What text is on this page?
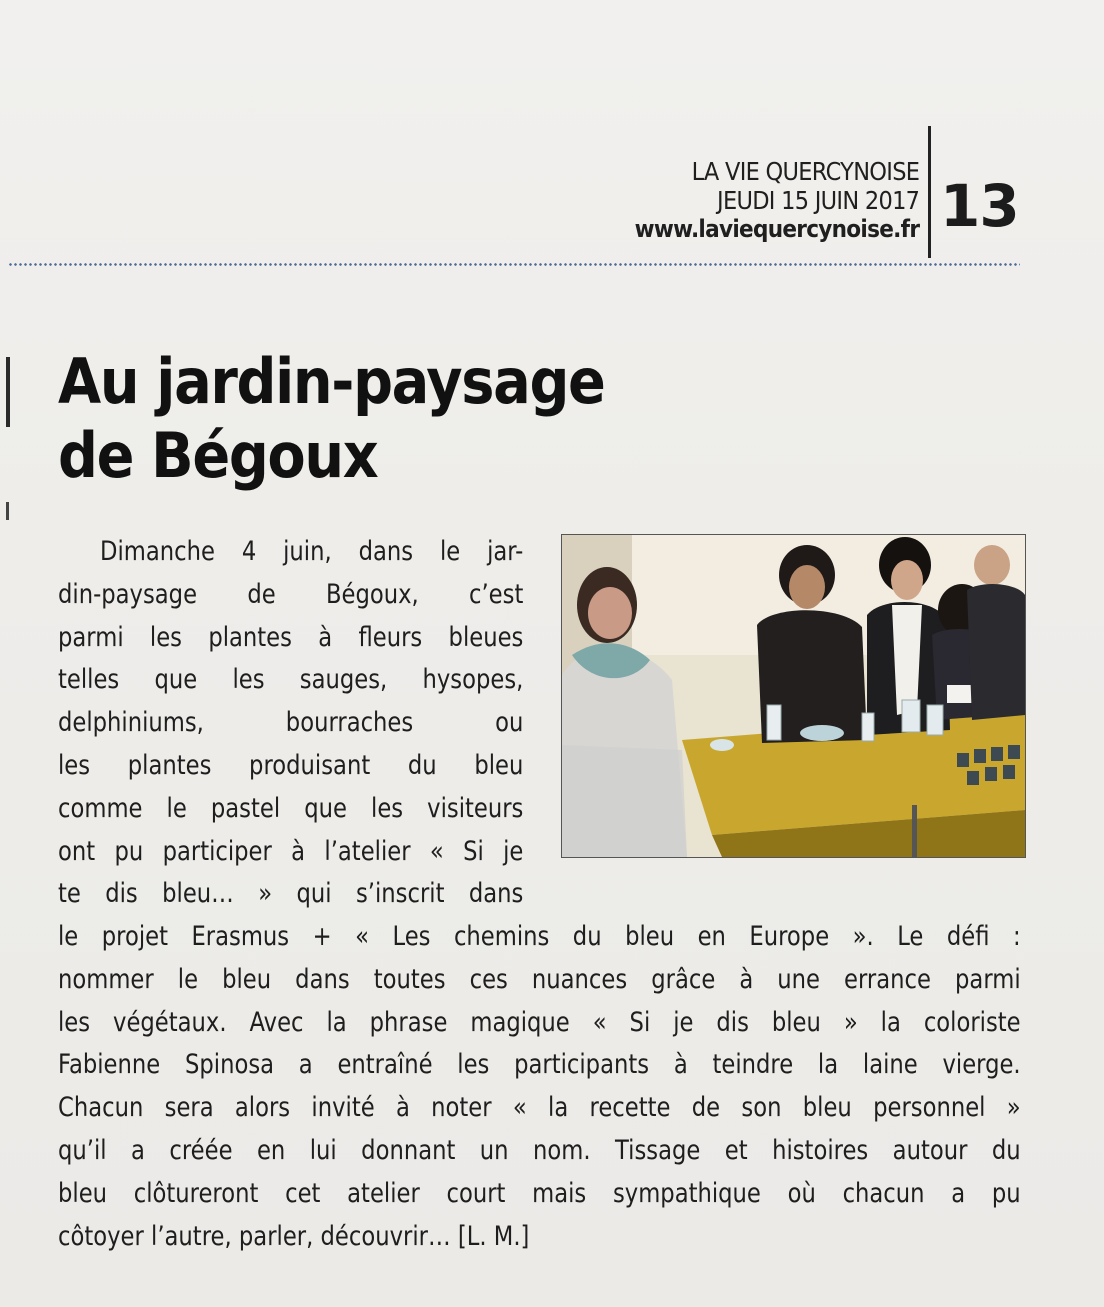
LA VIE QUERCYNOISE
JEUDI 15 JUIN 2017
www.laviequercynoise.fr 13
Au jardin-paysage
de Bégoux
Dimanche 4 juin, dans le jar-
din-paysage de Bégoux, c’est
parmi les plantes à fleurs bleues
telles que les sauges, hysopes,
delphiniums, bourraches ou
les plantes produisant du bleu
comme le pastel que les visiteurs
ont pu participer à l’atelier « Si je
te dis bleu… » qui s’inscrit dans
le projet Erasmus + « Les chemins du bleu en Europe ». Le défi :
nommer le bleu dans toutes ces nuances grâce à une errance parmi
les végétaux. Avec la phrase magique « Si je dis bleu » la coloriste
Fabienne Spinosa a entraîné les participants à teindre la laine vierge.
Chacun sera alors invité à noter « la recette de son bleu personnel »
qu’il a créée en lui donnant un nom. Tissage et histoires autour du
bleu clôtureront cet atelier court mais sympathique où chacun a pu
côtoyer l’autre, parler, découvrir… [L. M.]
